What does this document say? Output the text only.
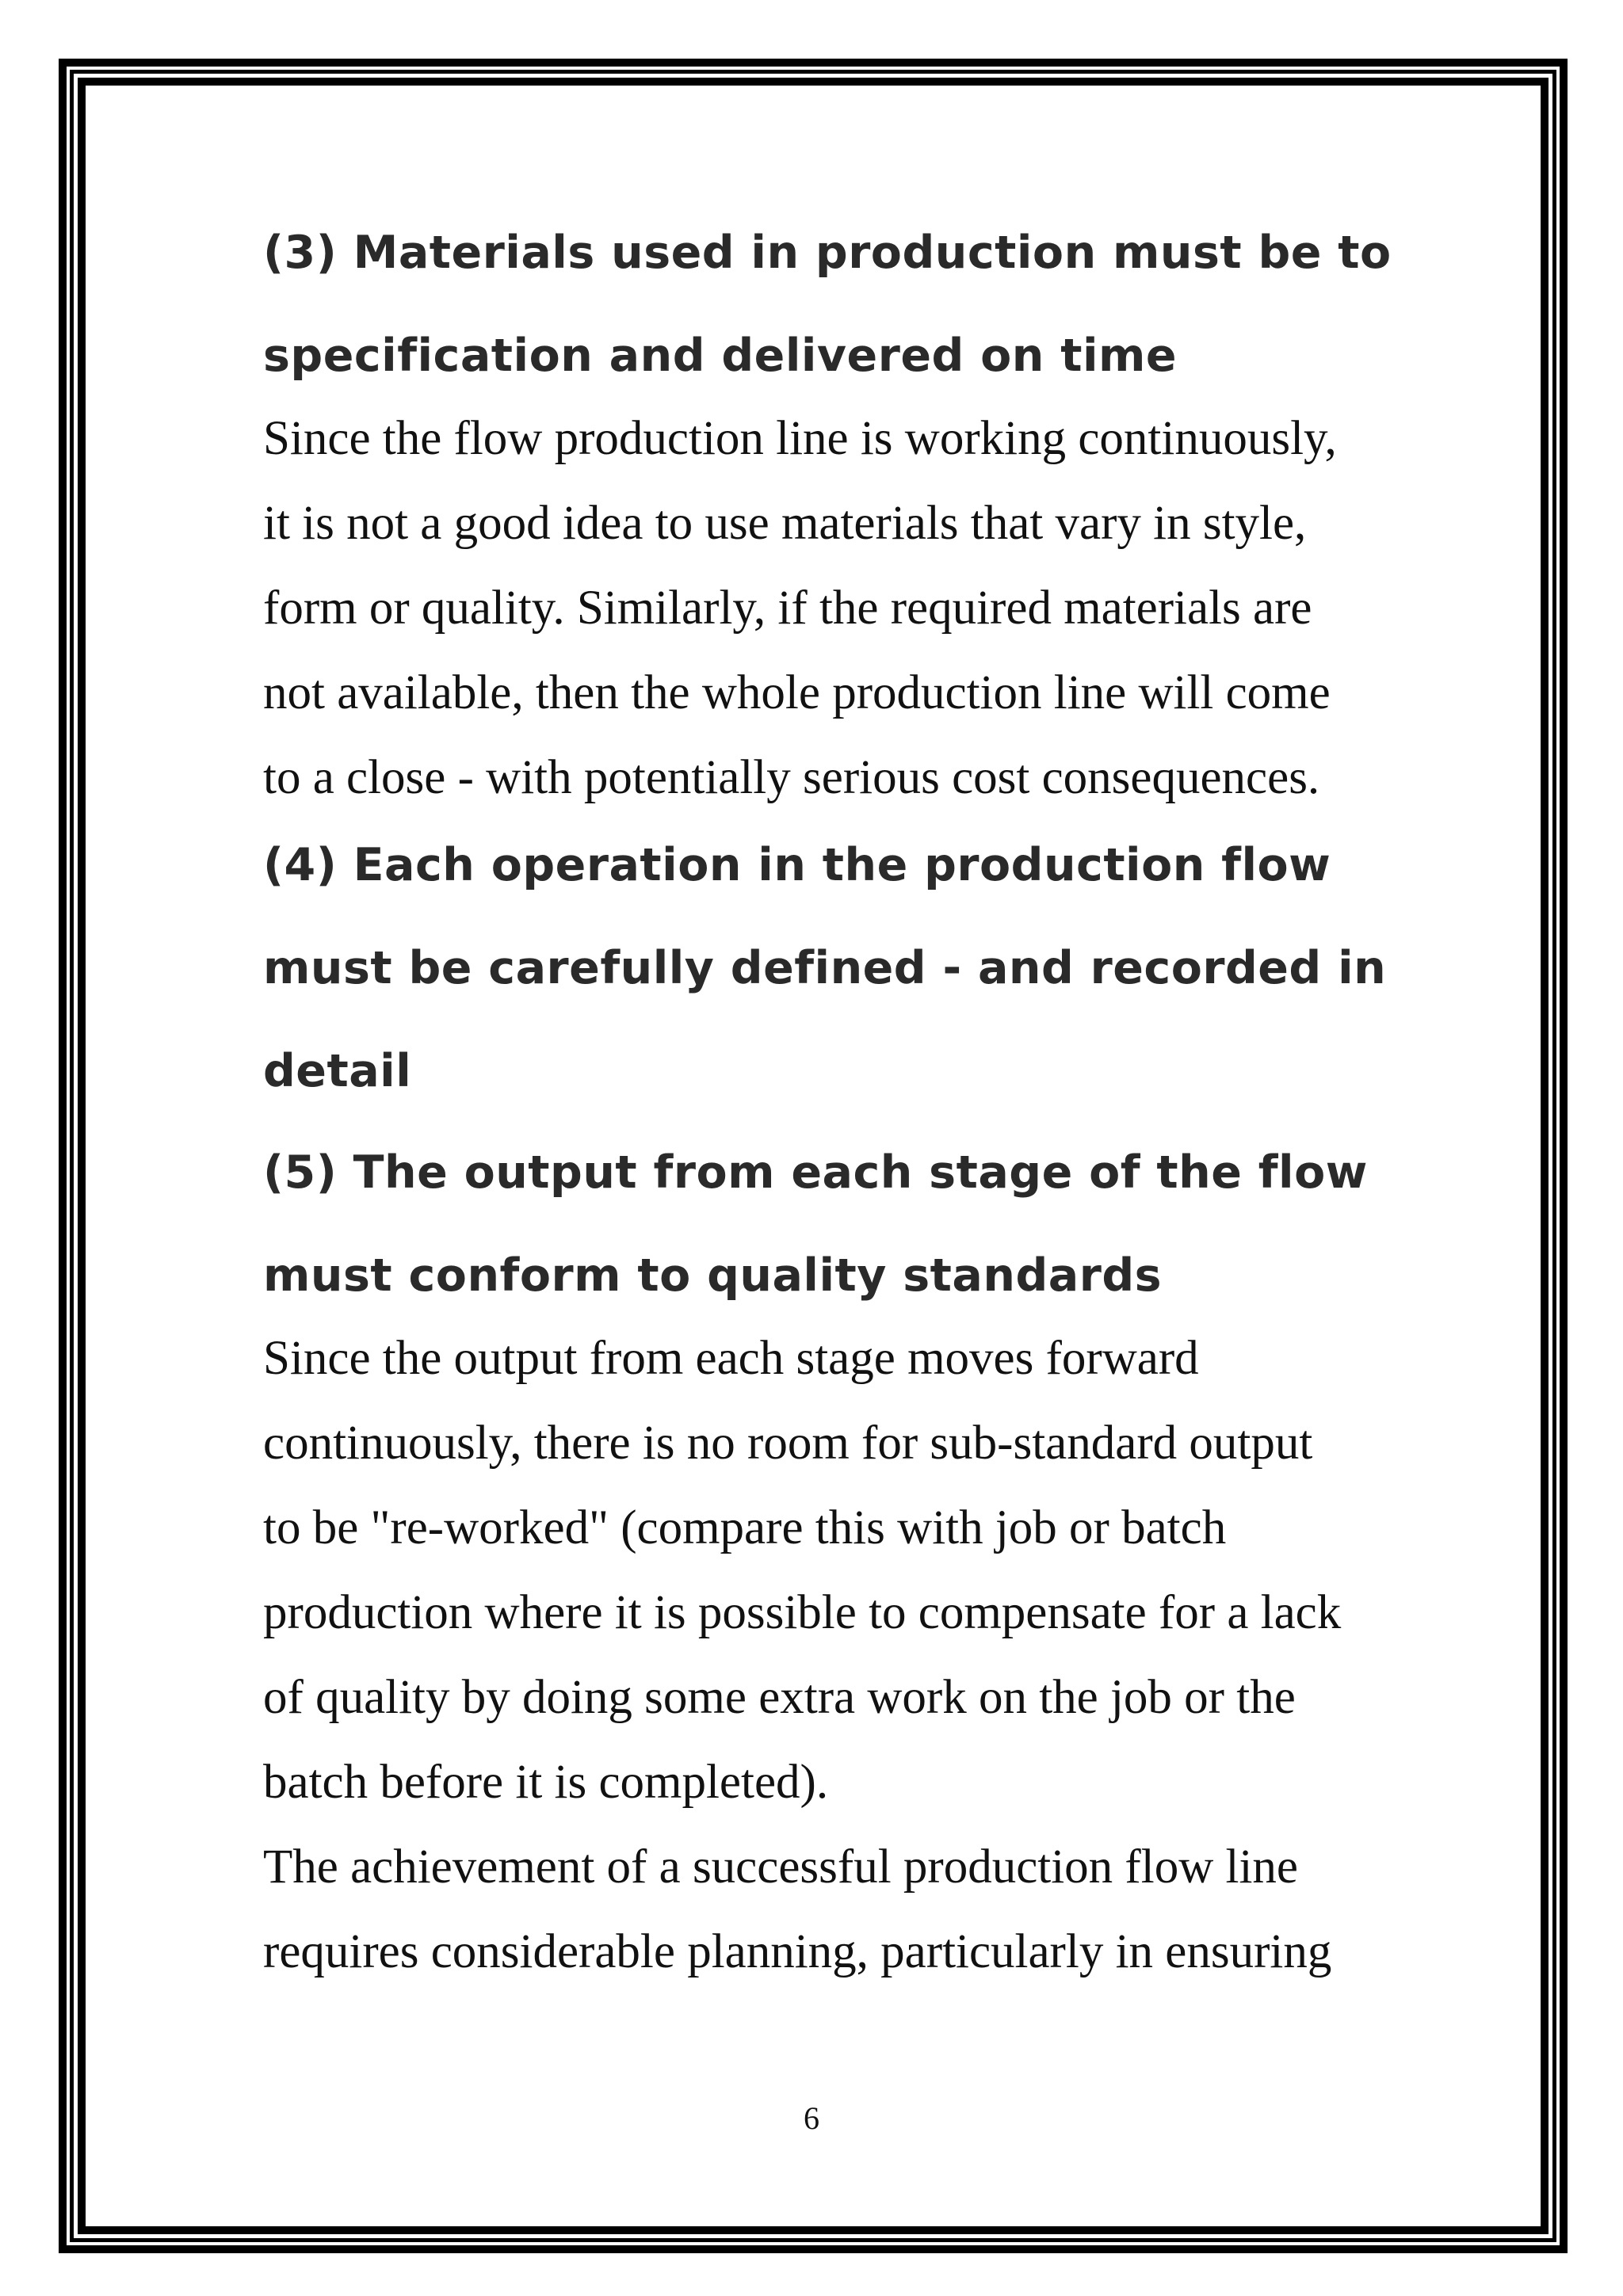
(3) Materials used in production must be to

specification and delivered on time

Since the flow production line is working continuously,

it is not a good idea to use materials that vary in style,

form or quality. Similarly, if the required materials are

not available, then the whole production line will come

to a close - with potentially serious cost consequences.

(4) Each operation in the production flow

must be carefully defined - and recorded in

detail

(5) The output from each stage of the flow

must conform to quality standards

Since the output from each stage moves forward

continuously, there is no room for sub-standard output

to be "re-worked" (compare this with job or batch

production where it is possible to compensate for a lack

of quality by doing some extra work on the job or the

batch before it is completed).

The achievement of a successful production flow line

requires considerable planning, particularly in ensuring

6
